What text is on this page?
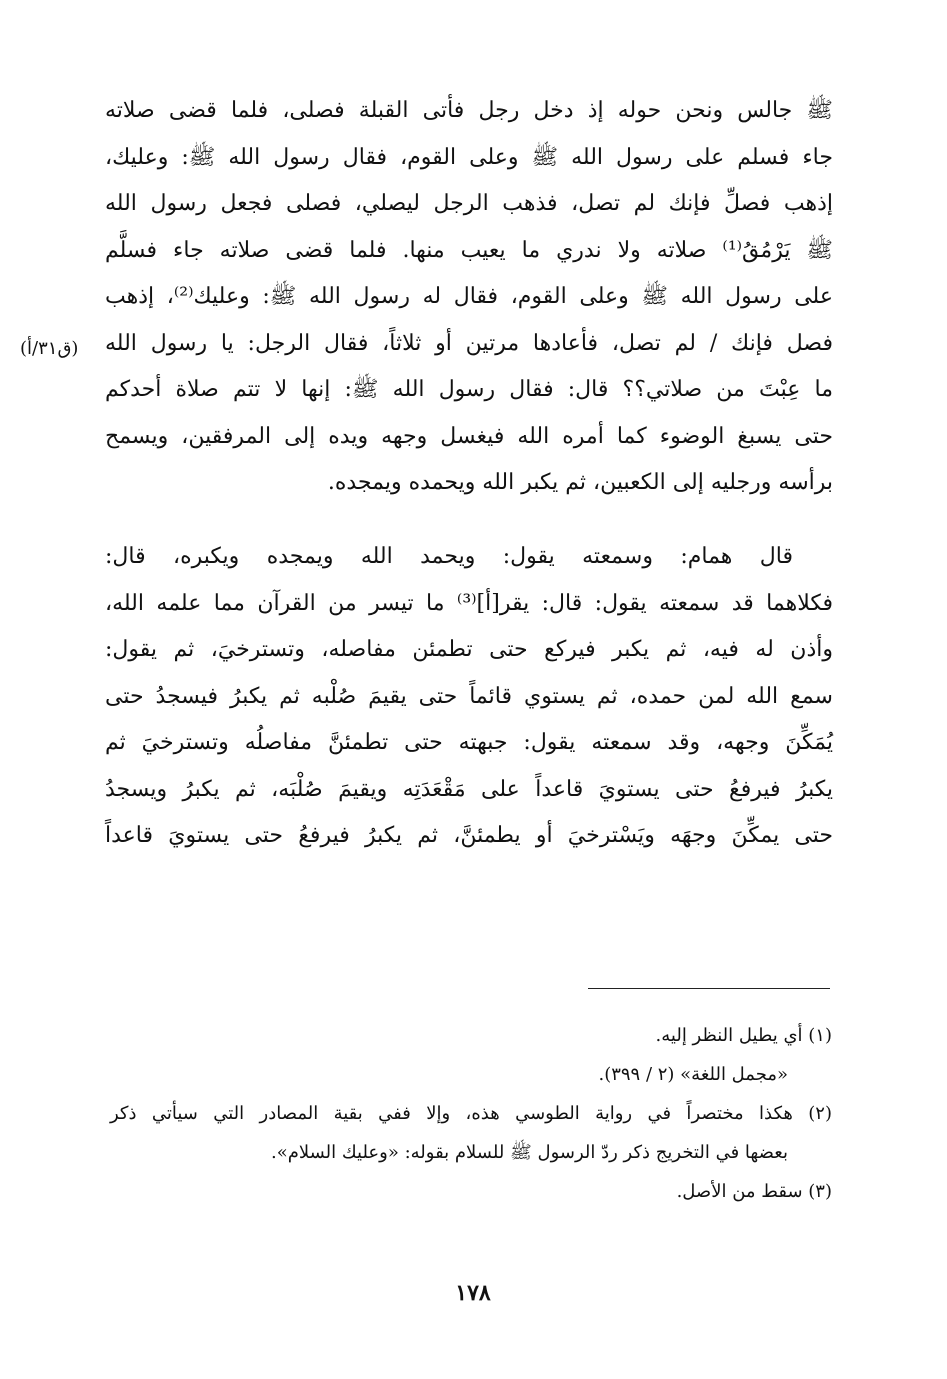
ﷺ جالس ونحن حوله إذ دخل رجل فأتى القبلة فصلى، فلما قضى صلاته
جاء فسلم على رسول الله ﷺ وعلى القوم، فقال رسول الله ﷺ: وعليك،
إذهب فصلِّ فإنك لم تصل، فذهب الرجل ليصلي، فصلى فجعل رسول الله
ﷺ يَرْمُقُ⁽¹⁾ صلاته ولا ندري ما يعيب منها. فلما قضى صلاته جاء فسلَّم
على رسول الله ﷺ وعلى القوم، فقال له رسول الله ﷺ: وعليك⁽²⁾، إذهب
فصل فإنك / لم تصل، فأعادها مرتين أو ثلاثاً، فقال الرجل: يا رسول الله
ما عِبْتَ من صلاتي؟؟ قال: فقال رسول الله ﷺ: إنها لا تتم صلاة أحدكم
حتى يسبغ الوضوء كما أمره الله فيغسل وجهه ويده إلى المرفقين، ويسمح
برأسه ورجليه إلى الكعبين، ثم يكبر الله ويحمده ويمجده.
(ق٣١/أ)
قال همام: وسمعته يقول: ويحمد الله ويمجده ويكبره، قال:
فكلاهما قد سمعته يقول: قال: يقر[أ]⁽³⁾ ما تيسر من القرآن مما علمه الله،
وأذن له فيه، ثم يكبر فيركع حتى تطمئن مفاصله، وتسترخيَ، ثم يقول:
سمع الله لمن حمده، ثم يستوي قائماً حتى يقيمَ صُلْبه ثم يكبرُ فيسجدُ حتى
يُمَكِّنَ وجهه، وقد سمعته يقول: جبهته حتى تطمئنَّ مفاصلُه وتسترخيَ ثم
يكبرُ فيرفعُ حتى يستويَ قاعداً على مَقْعَدَتِه ويقيمَ صُلْبَه، ثم يكبرُ ويسجدُ
حتى يمكِّنَ وجهَه ويَسْترخيَ أو يطمئنَّ، ثم يكبرُ فيرفعُ حتى يستويَ قاعداً
(١) أي يطيل النظر إليه.
«مجمل اللغة» (٢ / ٣٩٩).
(٢) هكذا مختصراً في رواية الطوسي هذه، وإلا ففي بقية المصادر التي سيأتي ذكر
بعضها في التخريج ذكر ردّ الرسول ﷺ للسلام بقوله: «وعليك السلام».
(٣) سقط من الأصل.
١٧٨
